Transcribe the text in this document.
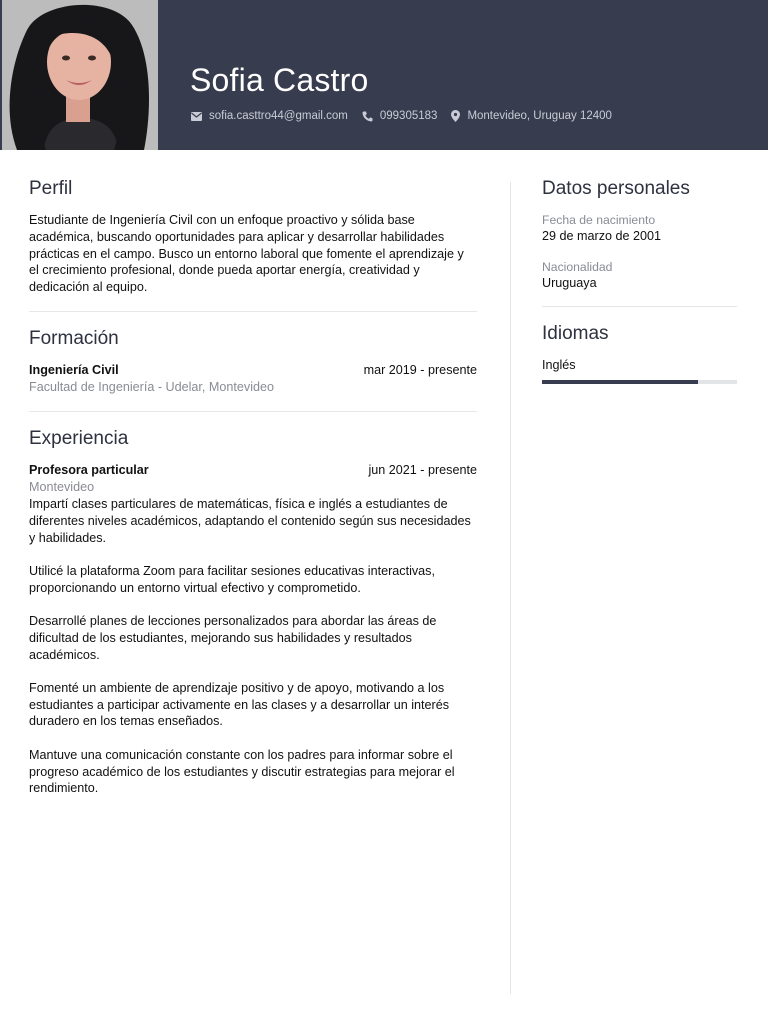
Sofia Castro
sofia.casttro44@gmail.com	099305183	Montevideo, Uruguay 12400
Perfil

Estudiante de Ingeniería Civil con un enfoque proactivo y sólida base académica, buscando oportunidades para aplicar y desarrollar habilidades prácticas en el campo. Busco un entorno laboral que fomente el aprendizaje y el crecimiento profesional, donde pueda aportar energía, creatividad y dedicación al equipo.

Formación
Ingeniería Civil	mar 2019 - presente
Facultad de Ingeniería - Udelar, Montevideo
Experiencia
Profesora particular	jun 2021 - presente
Montevideo

Impartí clases particulares de matemáticas, física e inglés a estudiantes de diferentes niveles académicos, adaptando el contenido según sus necesidades y habilidades.

Utilicé la plataforma Zoom para facilitar sesiones educativas interactivas, proporcionando un entorno virtual efectivo y comprometido.

Desarrollé planes de lecciones personalizados para abordar las áreas de dificultad de los estudiantes, mejorando sus habilidades y resultados académicos.

Fomenté un ambiente de aprendizaje positivo y de apoyo, motivando a los estudiantes a participar activamente en las clases y a desarrollar un interés duradero en los temas enseñados.

Mantuve una comunicación constante con los padres para informar sobre el progreso académico de los estudiantes y discutir estrategias para mejorar el rendimiento.

Datos personales
Fecha de nacimiento
29 de marzo de 2001
Nacionalidad
Uruguaya
Idiomas
Inglés
